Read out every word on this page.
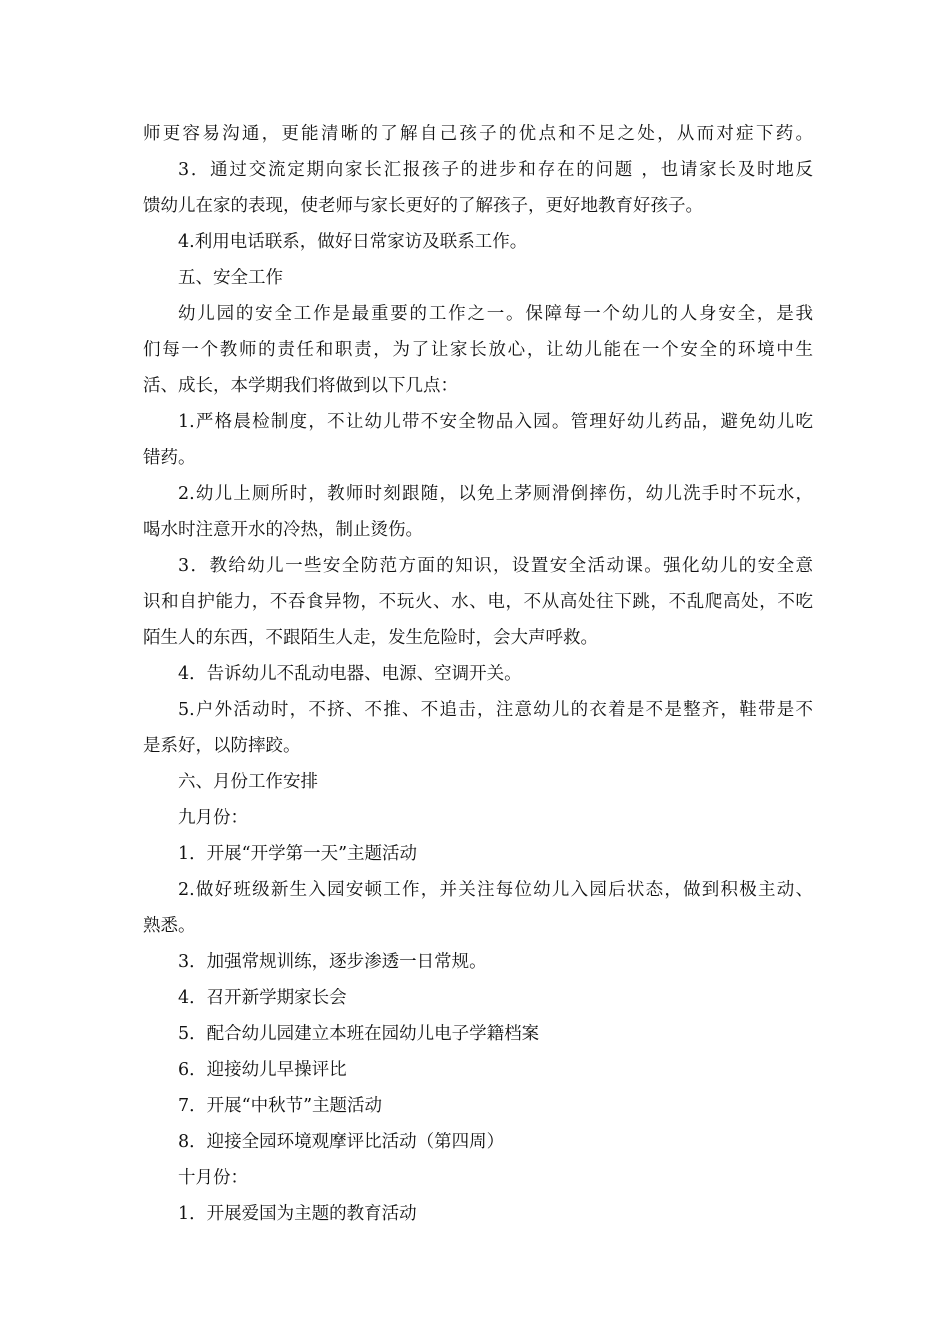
师更容易沟通，更能清晰的了解自己孩子的优点和不足之处，从而对症下药。
3．通过交流定期向家长汇报孩子的进步和存在的问题 ，也请家长及时地反
馈幼儿在家的表现，使老师与家长更好的了解孩子，更好地教育好孩子。
4.利用电话联系，做好日常家访及联系工作。
五、安全工作
幼儿园的安全工作是最重要的工作之一。保障每一个幼儿的人身安全，是我
们每一个教师的责任和职责，为了让家长放心，让幼儿能在一个安全的环境中生
活、成长，本学期我们将做到以下几点：
1.严格晨检制度，不让幼儿带不安全物品入园。管理好幼儿药品，避免幼儿吃
错药。
2.幼儿上厕所时，教师时刻跟随，以免上茅厕滑倒摔伤，幼儿洗手时不玩水，
喝水时注意开水的冷热，制止烫伤。
3．教给幼儿一些安全防范方面的知识，设置安全活动课。强化幼儿的安全意
识和自护能力，不吞食异物，不玩火、水、电，不从高处往下跳，不乱爬高处，不吃
陌生人的东西，不跟陌生人走，发生危险时，会大声呼救。
4．告诉幼儿不乱动电器、电源、空调开关。
5.户外活动时，不挤、不推、不追击，注意幼儿的衣着是不是整齐，鞋带是不
是系好，以防摔跤。
六、月份工作安排
九月份：
1．开展“开学第一天”主题活动
2.做好班级新生入园安顿工作，并关注每位幼儿入园后状态，做到积极主动、
熟悉。
3．加强常规训练，逐步渗透一日常规。
4．召开新学期家长会
5．配合幼儿园建立本班在园幼儿电子学籍档案
6．迎接幼儿早操评比
7．开展“中秋节”主题活动
8．迎接全园环境观摩评比活动（第四周）
十月份：
1．开展爱国为主题的教育活动
